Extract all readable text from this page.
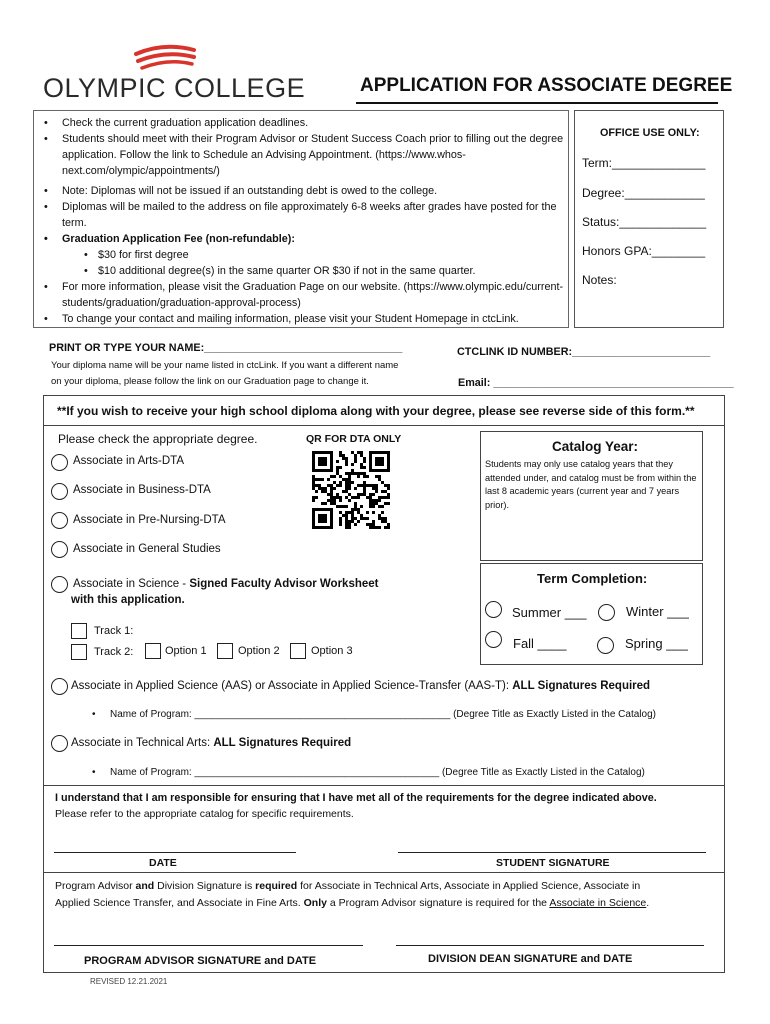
OLYMPIC COLLEGE	APPLICATION FOR ASSOCIATE DEGREE
• Check the current graduation application deadlines.
• Students should meet with their Program Advisor or Student Success Coach prior to filling out the degree application. Follow the link to Schedule an Advising Appointment. (https://www.whos-next.com/olympic/appointments/)
• Note: Diplomas will not be issued if an outstanding debt is owed to the college.
• Diplomas will be mailed to the address on file approximately 6-8 weeks after grades have posted for the term.
• Graduation Application Fee (non-refundable):
• $30 for first degree
• $10 additional degree(s) in the same quarter OR $30 if not in the same quarter.
• For more information, please visit the Graduation Page on our website. (https://www.olympic.edu/current-students/graduation/graduation-approval-process)
• To change your contact and mailing information, please visit your Student Homepage in ctcLink.
OFFICE USE ONLY:
Term:______________
Degree:____________
Status:_____________
Honors GPA:________
Notes:
PRINT OR TYPE YOUR NAME:_________________________________
Your diploma name will be your name listed in ctcLink. If you want a different name
on your diploma, please follow the link on our Graduation page to change it.
CTCLINK ID NUMBER:_______________________
Email: ________________________________________
**If you wish to receive your high school diploma along with your degree, please see reverse side of this form.**
Please check the appropriate degree.	QR FOR DTA ONLY
Associate in Arts-DTA
Associate in Business-DTA
Associate in Pre-Nursing-DTA
Associate in General Studies
Associate in Science - Signed Faculty Advisor Worksheet
with this application.
Track 1:
Track 2:	Option 1	Option 2	Option 3
Catalog Year:
Students may only use catalog years that they attended under, and catalog must be from within the last 8 academic years (current year and 7 years prior).
Term Completion:
Summer ___	Winter ___
Fall ____	Spring ___
Associate in Applied Science (AAS) or Associate in Applied Science-Transfer (AAS-T): ALL Signatures Required
• Name of Program: ______________________________________________ (Degree Title as Exactly Listed in the Catalog)
Associate in Technical Arts: ALL Signatures Required
• Name of Program: ____________________________________________ (Degree Title as Exactly Listed in the Catalog)
I understand that I am responsible for ensuring that I have met all of the requirements for the degree indicated above.
Please refer to the appropriate catalog for specific requirements.
DATE	STUDENT SIGNATURE
Program Advisor and Division Signature is required for Associate in Technical Arts, Associate in Applied Science, Associate in
Applied Science Transfer, and Associate in Fine Arts. Only a Program Advisor signature is required for the Associate in Science.
PROGRAM ADVISOR SIGNATURE and DATE	DIVISION DEAN SIGNATURE and DATE
REVISED 12.21.2021
